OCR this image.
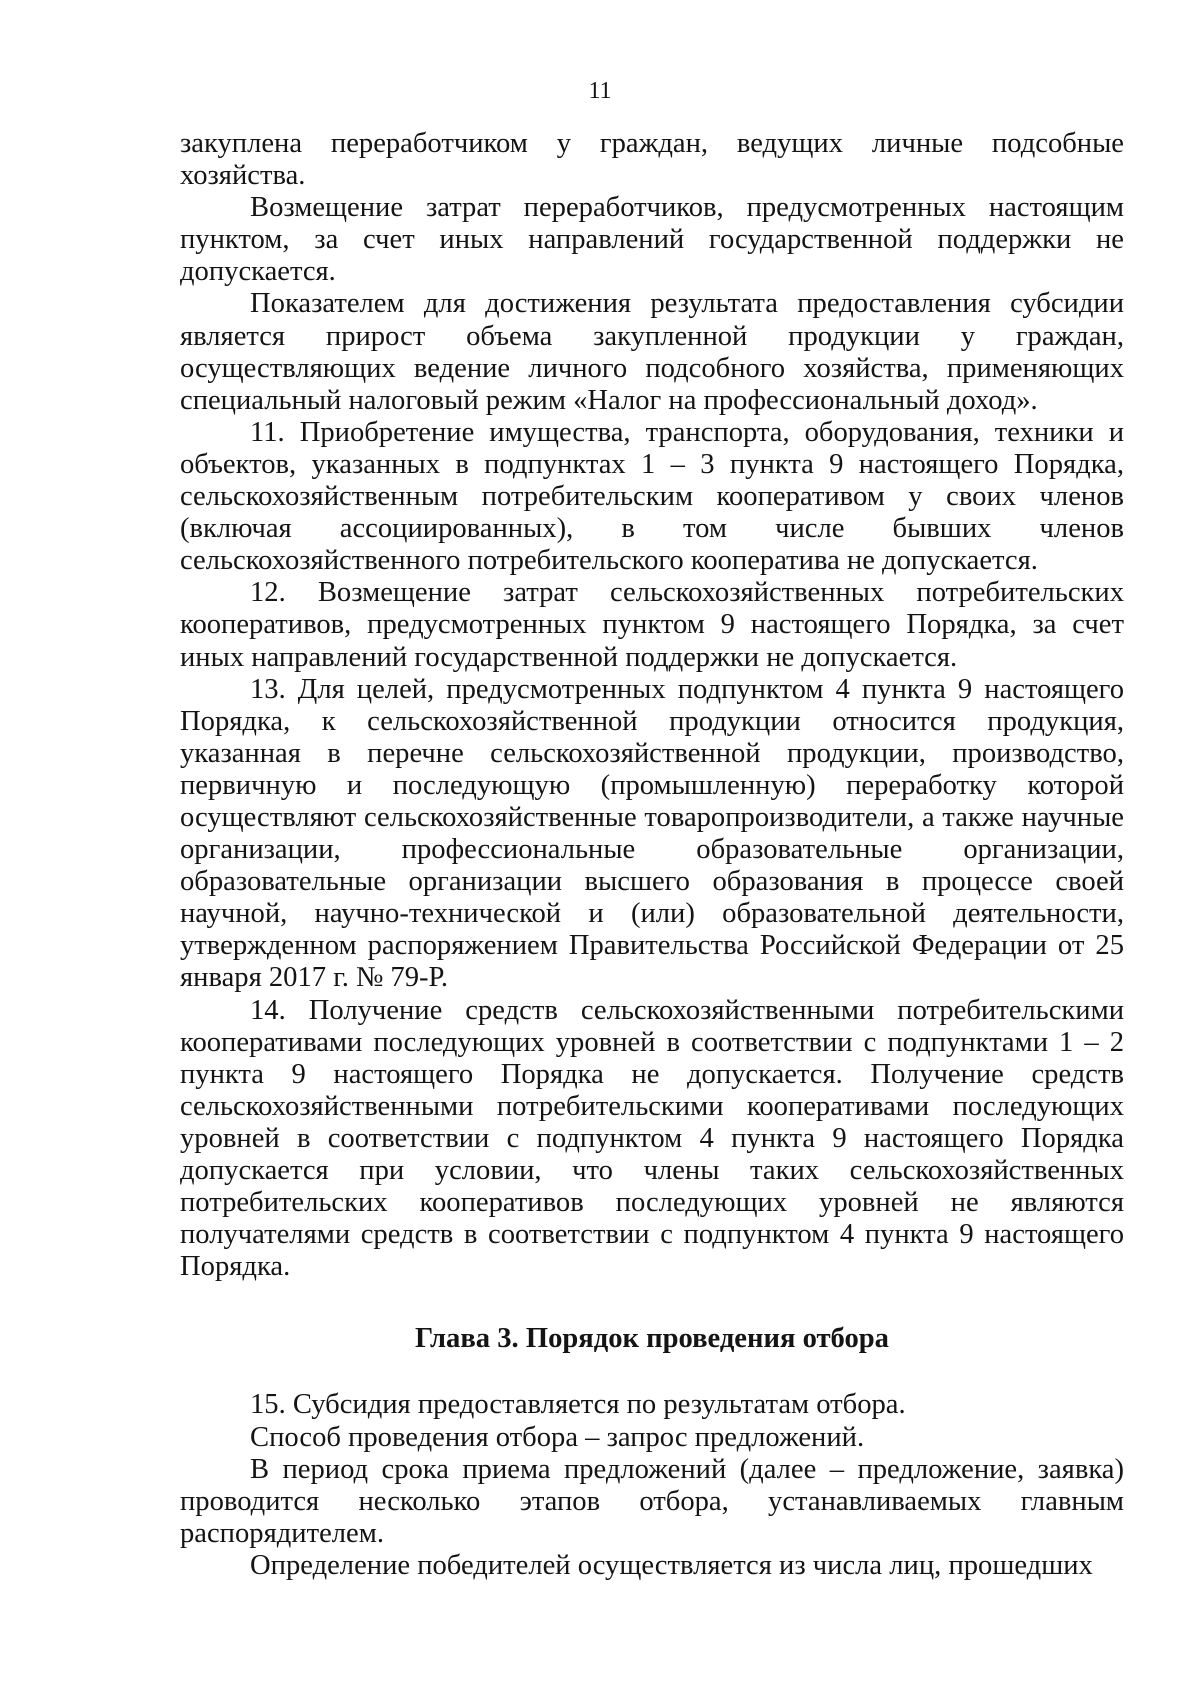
11

закуплена переработчиком у граждан, ведущих личные подсобные хозяйства.

Возмещение затрат переработчиков, предусмотренных настоящим пунктом, за счет иных направлений государственной поддержки не допускается.

Показателем для достижения результата предоставления субсидии является прирост объема закупленной продукции у граждан, осуществляющих ведение личного подсобного хозяйства, применяющих специальный налоговый режим «Налог на профессиональный доход».

11. Приобретение имущества, транспорта, оборудования, техники и объектов, указанных в подпунктах 1 – 3 пункта 9 настоящего Порядка, сельскохозяйственным потребительским кооперативом у своих членов (включая ассоциированных), в том числе бывших членов сельскохозяйственного потребительского кооператива не допускается.

12. Возмещение затрат сельскохозяйственных потребительских кооперативов, предусмотренных пунктом 9 настоящего Порядка, за счет иных направлений государственной поддержки не допускается.

13. Для целей, предусмотренных подпунктом 4 пункта 9 настоящего Порядка, к сельскохозяйственной продукции относится продукция, указанная в перечне сельскохозяйственной продукции, производство, первичную и последующую (промышленную) переработку которой осуществляют сельскохозяйственные товаропроизводители, а также научные организации, профессиональные образовательные организации, образовательные организации высшего образования в процессе своей научной, научно-технической и (или) образовательной деятельности, утвержденном распоряжением Правительства Российской Федерации от 25 января 2017 г. № 79-Р.

14. Получение средств сельскохозяйственными потребительскими кооперативами последующих уровней в соответствии с подпунктами 1 – 2 пункта 9 настоящего Порядка не допускается. Получение средств сельскохозяйственными потребительскими кооперативами последующих уровней в соответствии с подпунктом 4 пункта 9 настоящего Порядка допускается при условии, что члены таких сельскохозяйственных потребительских кооперативов последующих уровней не являются получателями средств в соответствии с подпунктом 4 пункта 9 настоящего Порядка.

Глава 3. Порядок проведения отбора

15. Субсидия предоставляется по результатам отбора.

Способ проведения отбора – запрос предложений.

В период срока приема предложений (далее – предложение, заявка) проводится несколько этапов отбора, устанавливаемых главным распорядителем.

Определение победителей осуществляется из числа лиц, прошедших
